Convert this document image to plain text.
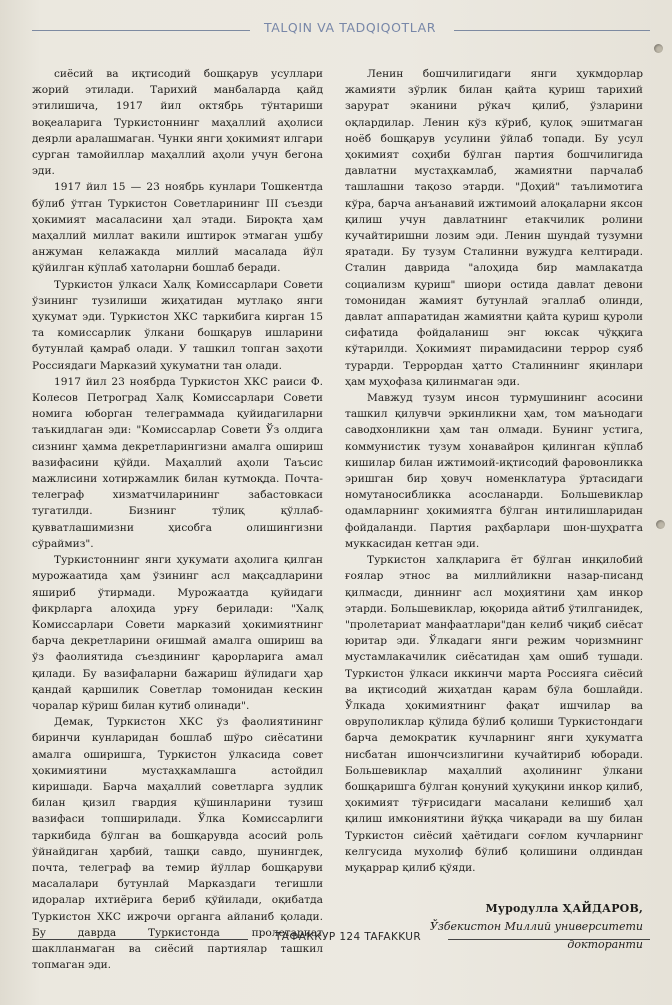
TALQIN VA TADQIQOTLAR

сиёсий ва иқтисодий бошқарув усуллари жорий этилади. Тарихий манбаларда қайд этилишича, 1917 йил октябрь тўнтариши воқеаларига Туркистоннинг маҳаллий аҳолиси деярли аралашмаган. Чунки янги ҳокимият илгари сурган тамойиллар маҳаллий аҳоли учун бегона эди.

1917 йил 15 — 23 ноябрь кунлари Тошкентда бўлиб ўтган Туркистон Советларининг III съезди ҳокимият масаласини ҳал этади. Бироқта ҳам маҳаллий миллат вакили иштирок этмаган ушбу анжуман келажакда миллий масалада йўл қўйилган кўплаб хатоларни бошлаб беради.

Туркистон ўлкаси Халқ Комиссарлари Совети ўзининг тузилиши жиҳатидан мутлақо янги ҳукумат эди. Туркистон ХКС таркибига кирган 15 та комиссарлик ўлкани бошқарув ишларини бутунлай қамраб олади. У ташкил топган заҳоти Россиядаги Марказий ҳукуматни тан олади.

1917 йил 23 ноябрда Туркистон ХКС раиси Ф. Колесов Петроград Халқ Комиссарлари Совети номига юборган телеграммада қуйидагиларни таъкидлаган эди: "Комиссарлар Совети Ўз олдига сизнинг ҳамма декретларингизни амалга ошириш вазифасини қўйди. Маҳаллий аҳоли Таъсис мажлисини хотиржамлик билан кутмоқда. Почта-телеграф хизматчиларининг забастовкаси тугатилди. Бизнинг тўлиқ қўллаб-қувватлашимизни ҳисобга олишингизни сўраймиз".

Туркистоннинг янги ҳукумати аҳолига қилган мурожаатида ҳам ўзининг асл мақсадларини яшириб ўтирмади. Мурожаатда қуйидаги фикрларга алоҳида урғу берилади: "Халқ Комиссарлари Совети марказий ҳокимиятнинг барча декретларини оғишмай амалга ошириш ва ўз фаолиятида съездининг қарорларига амал қилади. Бу вазифаларни бажариш йўлидаги ҳар қандай қаршилик Советлар томонидан кескин чоралар кўриш билан кутиб олинади".

Демак, Туркистон ХКС ўз фаолиятининг биринчи кунларидан бошлаб шўро сиёсатини амалга оширишга, Туркистон ўлкасида совет ҳокимиятини мустаҳкамлашга астойдил киришади. Барча маҳаллий советларга зудлик билан қизил гвардия қўшинларини тузиш вазифаси топширилади. Ўлка Комиссарлиги таркибида бўлган ва бошқарувда асосий роль ўйнайдиган ҳарбий, ташқи савдо, шунингдек, почта, телеграф ва темир йўллар бошқаруви масалалари бутунлай Марказдаги тегишли идоралар ихтиёрига бериб қўйилади, оқибатда Туркистон ХКС ижрочи органга айланиб қолади. Бу даврда Туркистонда пролетариат шаклланмаган ва сиёсий партиялар ташкил топмаган эди.

Ленин бошчилигидаги янги ҳукмдорлар жамияти зўрлик билан қайта қуриш тарихий зарурат эканини рўкач қилиб, ўзларини оқлардилар. Ленин кўз кўриб, қулоқ эшитмаган ноёб бошқарув усулини ўйлаб топади. Бу усул ҳокимият соҳиби бўлган партия бошчилигида давлатни мустаҳкамлаб, жамиятни парчалаб ташлашни тақозо этарди. "Доҳий" таълимотига кўра, барча анъанавий ижтимоий алоқаларни яксон қилиш учун давлатнинг етакчилик ролини кучайтиришни лозим эди. Ленин шундай тузумни яратади. Бу тузум Сталинни вужудга келтиради. Сталин даврида "алоҳида бир мамлакатда социализм қуриш" шиори остида давлат девони томонидан жамият бутунлай эгаллаб олинди, давлат аппаратидан жамиятни қайта қуриш қуроли сифатида фойдаланиш энг юксак чўққига кўтарилди. Ҳокимият пирамидасини террор суяб турарди. Террордан ҳатто Сталиннинг яқинлари ҳам муҳофаза қилинмаган эди.

Мавжуд тузум инсон турмушининг асосини ташкил қилувчи эркинликни ҳам, том маънодаги саводхонликни ҳам тан олмади. Бунинг устига, коммунистик тузум хонавайрон қилинган кўплаб кишилар билан ижтимоий-иқтисодий фаровонликка эришган бир ҳовуч номенклатура ўртасидаги номутаносибликка асосланарди. Большевиклар одамларнинг ҳокимиятга бўлган интилишларидан фойдаланди. Партия раҳбарлари шон-шуҳратга муккасидан кетган эди.

Туркистон халқларига ёт бўлган инқилобий ғоялар этнос ва миллийликни назар-писанд қилмасди, диннинг асл моҳиятини ҳам инкор этарди. Большевиклар, юқорида айтиб ўтилганидек, "пролетариат манфаатлари"дан келиб чиқиб сиёсат юритар эди. Ўлкадаги янги режим чоризмнинг мустамлакачилик сиёсатидан ҳам ошиб тушади. Туркистон ўлкаси иккинчи марта Россияга сиёсий ва иқтисодий жиҳатдан қарам бўла бошлайди. Ўлкада ҳокимиятнинг фақат ишчилар ва овруполиклар қўлида бўлиб қолиши Туркистондаги барча демократик кучларнинг янги ҳукуматга нисбатан ишончсизлигини кучайтириб юборади. Большевиклар маҳаллий аҳолининг ўлкани бошқаришга бўлган қонуний ҳуқуқини инкор қилиб, ҳокимият тўғрисидаги масалани келишиб ҳал қилиш имкониятини йўққа чиқаради ва шу билан Туркистон сиёсий ҳаётидаги соғлом кучларнинг келгусида мухолиф бўлиб қолишини олдиндан муқаррар қилиб қўяди.

Муродулла ҲАЙДАРОВ,
Ўзбекистон Миллий университети
докторанти
ТАФАККУР 124 TAFAKKUR
